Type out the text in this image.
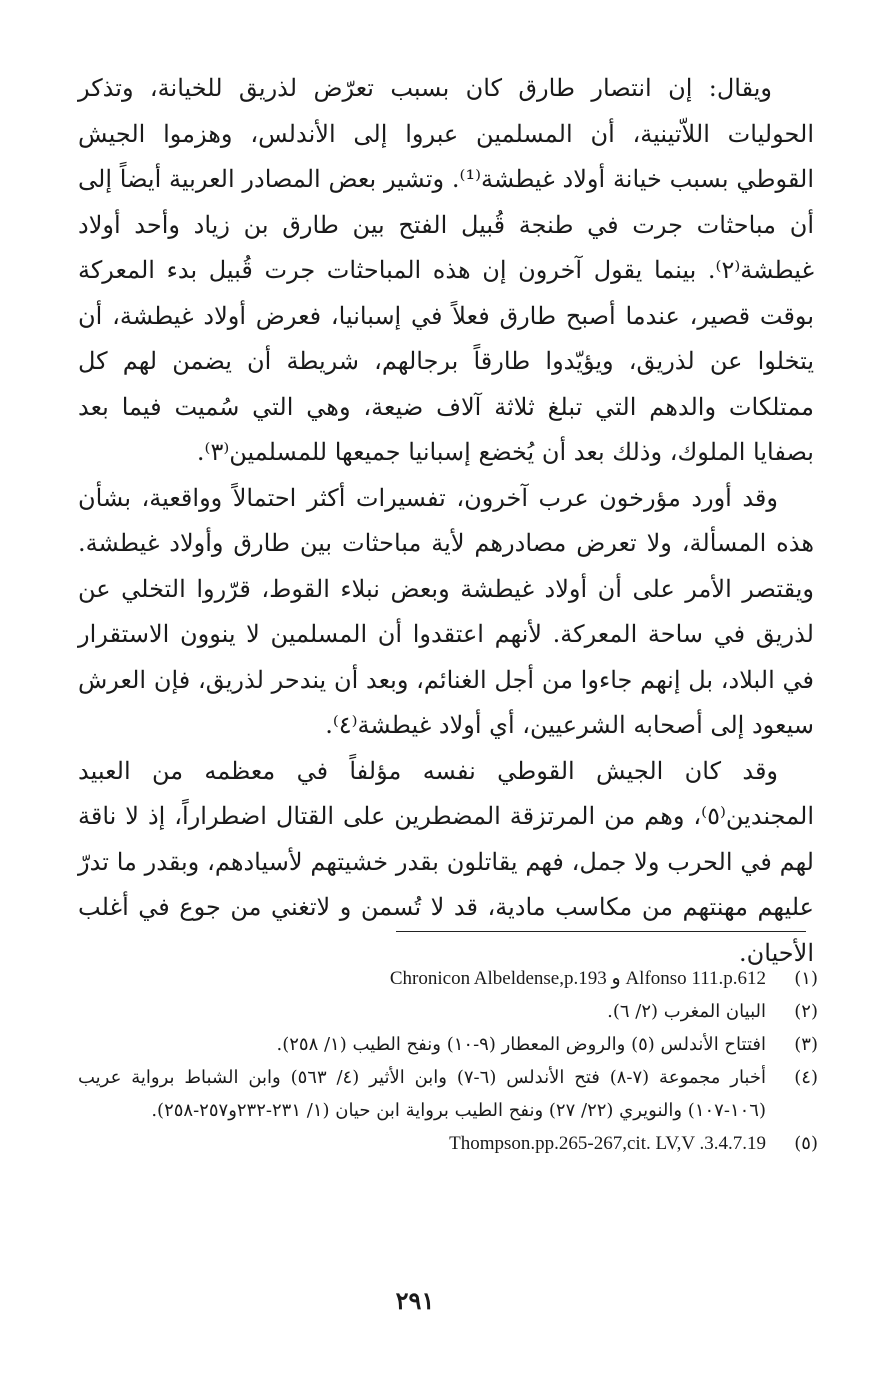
ويقال: إن انتصار طارق كان بسبب تعرّض لذريق للخيانة، وتذكر الحوليات اللاّتينية، أن المسلمين عبروا إلى الأندلس، وهزموا الجيش القوطي بسبب خيانة أولاد غيطشة⁽¹⁾. وتشير بعض المصادر العربية أيضاً إلى أن مباحثات جرت في طنجة قُبيل الفتح بين طارق بن زياد وأحد أولاد غيطشة⁽٢⁾. بينما يقول آخرون إن هذه المباحثات جرت قُبيل بدء المعركة بوقت قصير، عندما أصبح طارق فعلاً في إسبانيا، فعرض أولاد غيطشة، أن يتخلوا عن لذريق، ويؤيّدوا طارقاً برجالهم، شريطة أن يضمن لهم كل ممتلكات والدهم التي تبلغ ثلاثة آلاف ضيعة، وهي التي سُميت فيما بعد بصفايا الملوك، وذلك بعد أن يُخضع إسبانيا جميعها للمسلمين⁽٣⁾.

وقد أورد مؤرخون عرب آخرون، تفسيرات أكثر احتمالاً وواقعية، بشأن هذه المسألة، ولا تعرض مصادرهم لأية مباحثات بين طارق وأولاد غيطشة. ويقتصر الأمر على أن أولاد غيطشة وبعض نبلاء القوط، قرّروا التخلي عن لذريق في ساحة المعركة. لأنهم اعتقدوا أن المسلمين لا ينوون الاستقرار في البلاد، بل إنهم جاءوا من أجل الغنائم، وبعد أن يندحر لذريق، فإن العرش سيعود إلى أصحابه الشرعيين، أي أولاد غيطشة⁽٤⁾.

وقد كان الجيش القوطي نفسه مؤلفاً في معظمه من العبيد المجندين⁽٥⁾، وهم من المرتزقة المضطرين على القتال اضطراراً، إذ لا ناقة لهم في الحرب ولا جمل، فهم يقاتلون بقدر خشيتهم لأسيادهم، وبقدر ما تدرّ عليهم مهنتهم من مكاسب مادية، قد لا تُسمن و لاتغني من جوع في أغلب الأحيان.

(١)
Chronicon Albeldense,p.193 و Alfonso 111.p.612
(٢)
البيان المغرب (٢/ ٦).
(٣)
افتتاح الأندلس (٥) والروض المعطار (٩-١٠) ونفح الطيب (١/ ٢٥٨).
(٤)
أخبار مجموعة (٧-٨) فتح الأندلس (٦-٧) وابن الأثير (٤/ ٥٦٣) وابن الشباط برواية عريب (١٠٦-١٠٧) والنويري (٢٢/ ٢٧) ونفح الطيب برواية ابن حيان (١/ ٢٣١-٢٣٢و٢٥٧-٢٥٨).
(٥)
Thompson.pp.265-267,cit. LV,V .3.4.7.19
٢٩١
